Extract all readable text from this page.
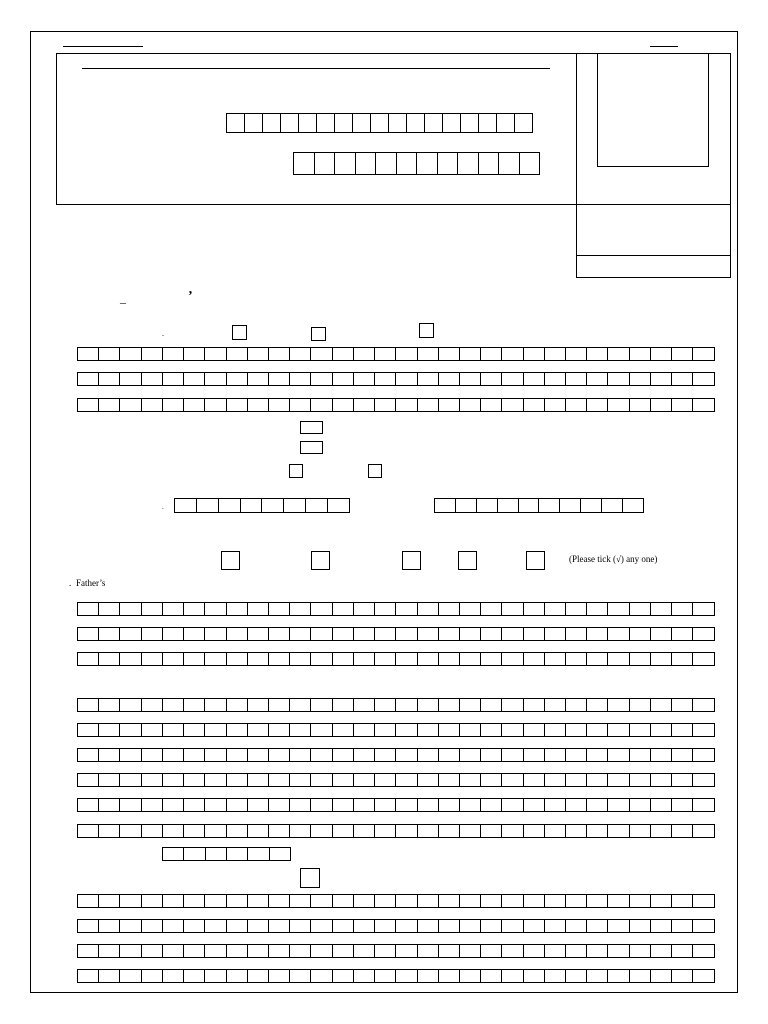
–	’
.
.
(Please tick (√) any one)
. Father’s
